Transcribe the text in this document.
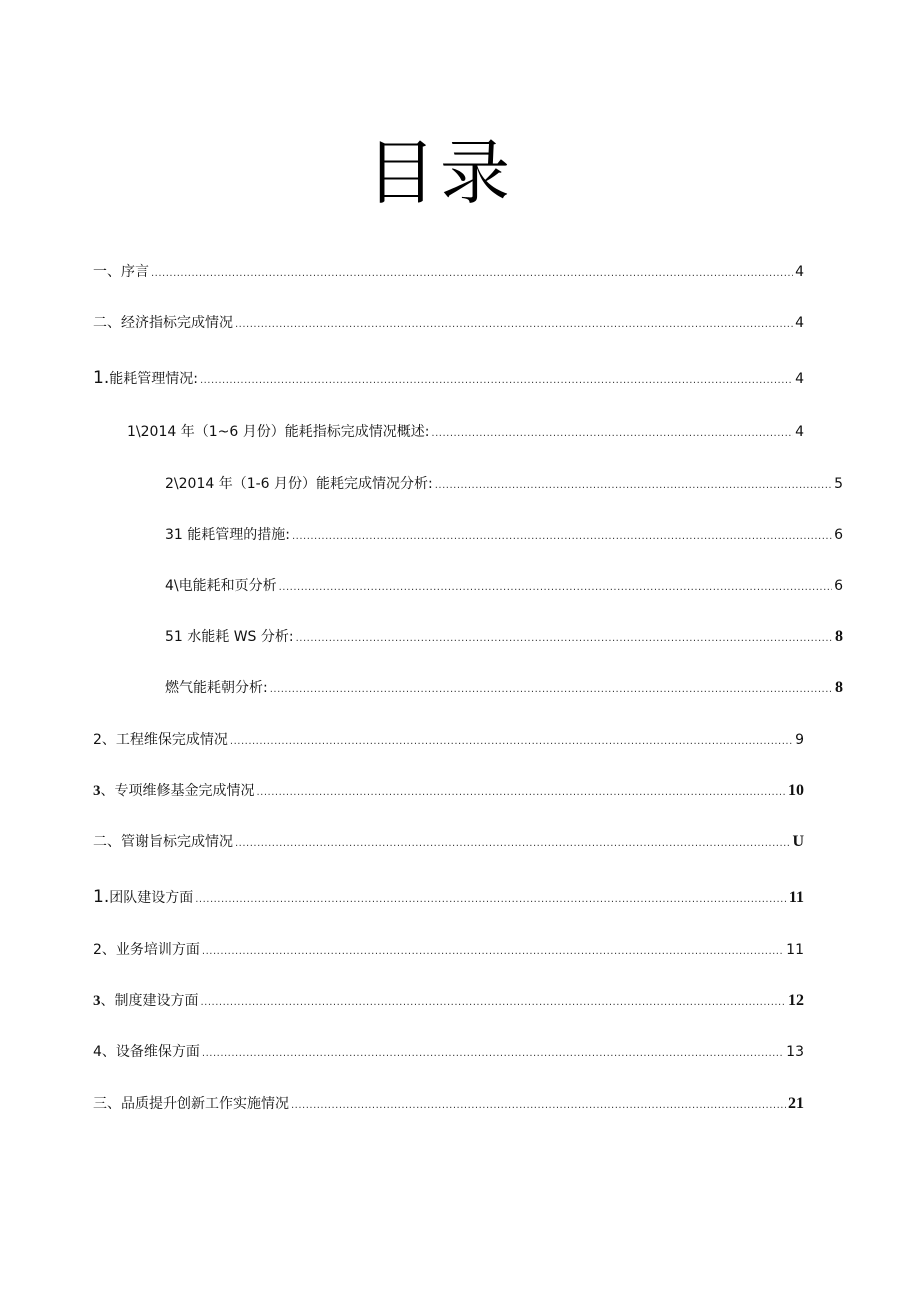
目录
一、序言 .....	4
二、经济指标完成情况 .....	4
1.能耗管理情况: .....	4
1\2014 年（1~6 月份）能耗指标完成情况概述: .....	4
2\2014 年（1-6 月份）能耗完成情况分析: .....	5
31 能耗管理的措施: .....	6
4\电能耗和页分析 .....	6
51 水能耗 WS 分析: .....	8
燃气能耗朝分析: .....	8
2、工程维保完成情况 .....	9
3、专项维修基金完成情况 .....	10
二、管谢旨标完成情况 .....	U
1.团队建设方面 .....	11
2、业务培训方面 .....	11
3、制度建设方面 .....	12
4、设备维保方面 .....	13
三、品质提升创新工作实施情况 .....	21
